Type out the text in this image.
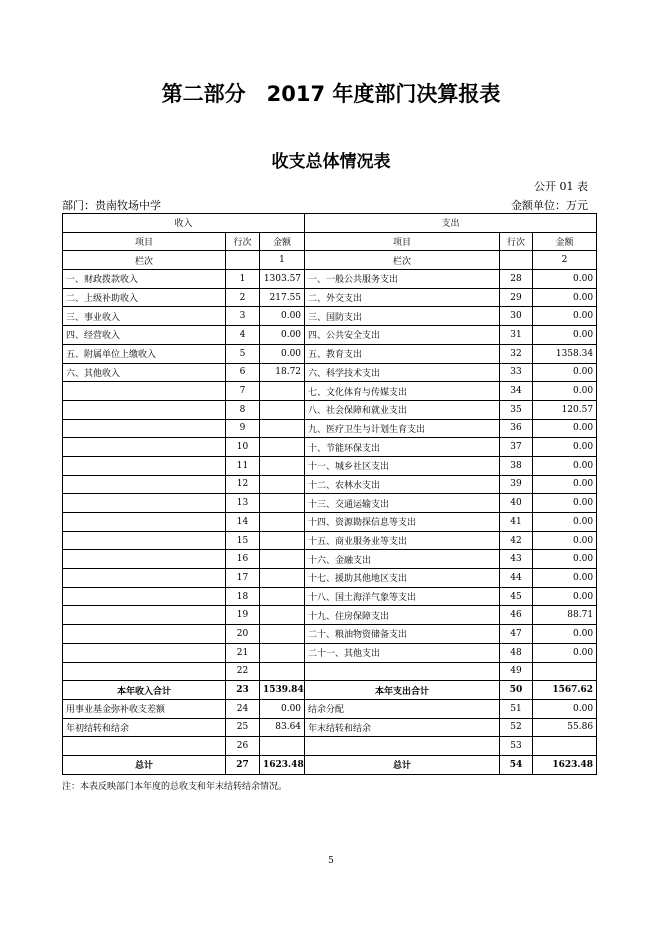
第二部分　2017 年度部门决算报表
收支总体情况表
公开 01 表
部门：贵南牧场中学	金额单位：万元
收入			支出		
项目	行次	金额	项目	行次	金额
栏次		1	栏次		2
一、财政拨款收入	1	1303.57	一、一般公共服务支出	28	0.00
二、上级补助收入	2	217.55	二、外交支出	29	0.00
三、事业收入	3	0.00	三、国防支出	30	0.00
四、经营收入	4	0.00	四、公共安全支出	31	0.00
五、附属单位上缴收入	5	0.00	五、教育支出	32	1358.34
六、其他收入	6	18.72	六、科学技术支出	33	0.00
	7		七、文化体育与传媒支出	34	0.00
	8		八、社会保障和就业支出	35	120.57
	9		九、医疗卫生与计划生育支出	36	0.00
	10		十、节能环保支出	37	0.00
	11		十一、城乡社区支出	38	0.00
	12		十二、农林水支出	39	0.00
	13		十三、交通运输支出	40	0.00
	14		十四、资源勘探信息等支出	41	0.00
	15		十五、商业服务业等支出	42	0.00
	16		十六、金融支出	43	0.00
	17		十七、援助其他地区支出	44	0.00
	18		十八、国土海洋气象等支出	45	0.00
	19		十九、住房保障支出	46	88.71
	20		二十、粮油物资储备支出	47	0.00
	21		二十一、其他支出	48	0.00
	22			49	
本年收入合计	23	1539.84	本年支出合计	50	1567.62
用事业基金弥补收支差额	24	0.00	结余分配	51	0.00
年初结转和结余	25	83.64	年末结转和结余	52	55.86
	26			53	
总计	27	1623.48	总计	54	1623.48
注：本表反映部门本年度的总收支和年末结转结余情况。
5
